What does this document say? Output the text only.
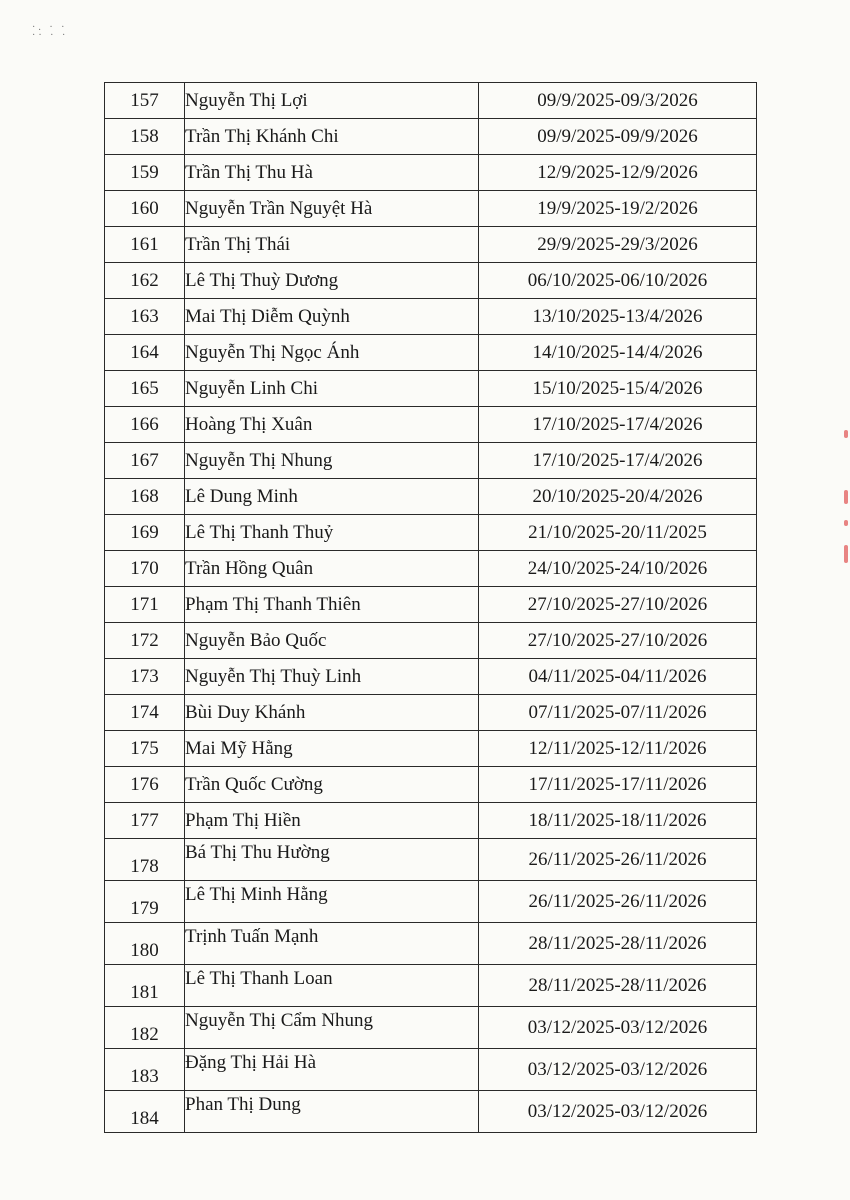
·. · ·
·· · ·
157	Nguyễn Thị Lợi	09/9/2025-09/3/2026
158	Trần Thị Khánh Chi	09/9/2025-09/9/2026
159	Trần Thị Thu Hà	12/9/2025-12/9/2026
160	Nguyễn Trần Nguyệt Hà	19/9/2025-19/2/2026
161	Trần Thị Thái	29/9/2025-29/3/2026
162	Lê Thị Thuỳ Dương	06/10/2025-06/10/2026
163	Mai Thị Diễm Quỳnh	13/10/2025-13/4/2026
164	Nguyễn Thị Ngọc Ánh	14/10/2025-14/4/2026
165	Nguyễn Linh Chi	15/10/2025-15/4/2026
166	Hoàng Thị Xuân	17/10/2025-17/4/2026
167	Nguyễn Thị Nhung	17/10/2025-17/4/2026
168	Lê Dung Minh	20/10/2025-20/4/2026
169	Lê Thị Thanh Thuỷ	21/10/2025-20/11/2025
170	Trần Hồng Quân	24/10/2025-24/10/2026
171	Phạm Thị Thanh Thiên	27/10/2025-27/10/2026
172	Nguyễn Bảo Quốc	27/10/2025-27/10/2026
173	Nguyễn Thị Thuỳ Linh	04/11/2025-04/11/2026
174	Bùi Duy Khánh	07/11/2025-07/11/2026
175	Mai Mỹ Hằng	12/11/2025-12/11/2026
176	Trần Quốc Cường	17/11/2025-17/11/2026
177	Phạm Thị Hiền	18/11/2025-18/11/2026
178	Bá Thị Thu Hường	26/11/2025-26/11/2026
179	Lê Thị Minh Hằng	26/11/2025-26/11/2026
180	Trịnh Tuấn Mạnh	28/11/2025-28/11/2026
181	Lê Thị Thanh Loan	28/11/2025-28/11/2026
182	Nguyễn Thị Cẩm Nhung	03/12/2025-03/12/2026
183	Đặng Thị Hải Hà	03/12/2025-03/12/2026
184	Phan Thị Dung	03/12/2025-03/12/2026
